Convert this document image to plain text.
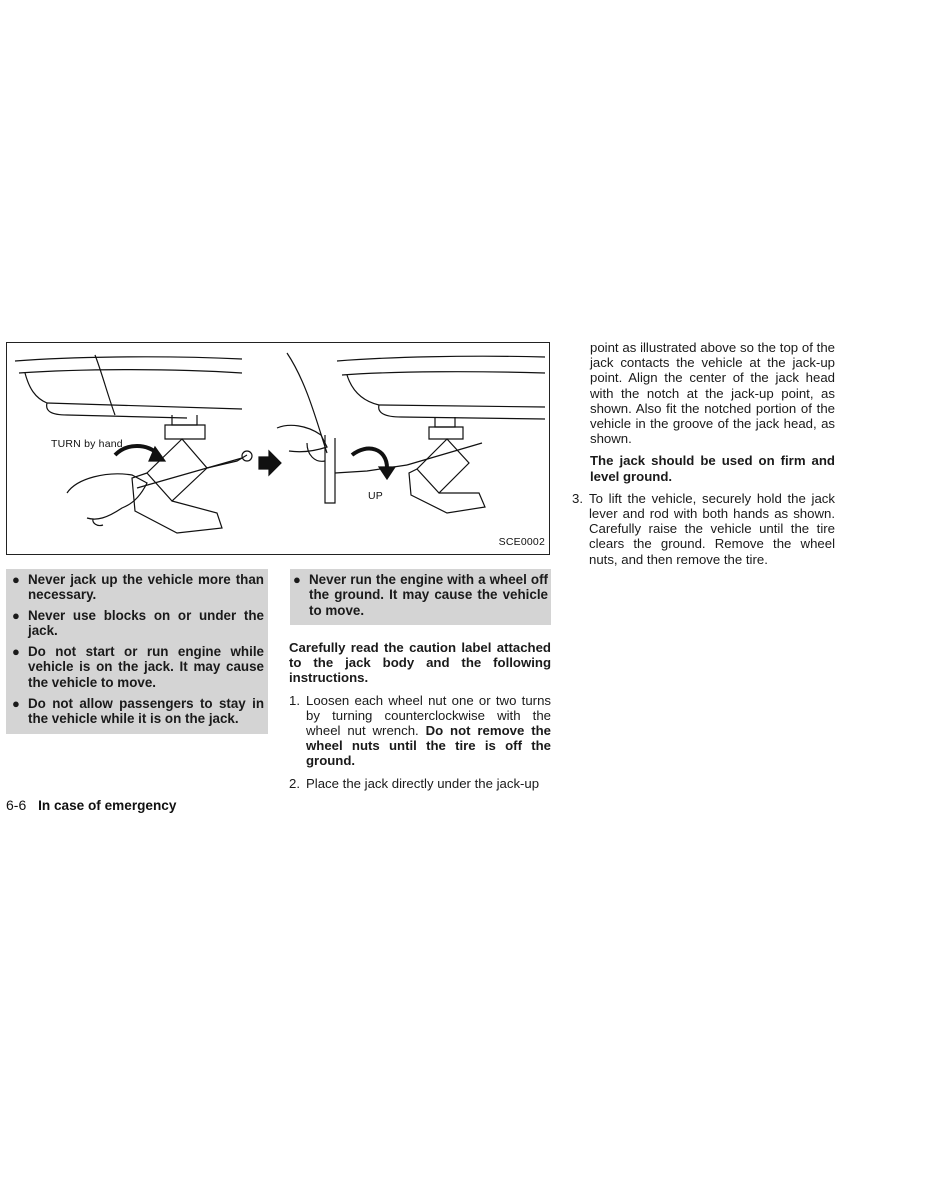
TURN by hand
UP
SCE0002
● Never jack up the vehicle more than necessary.
● Never use blocks on or under the jack.
● Do not start or run engine while vehicle is on the jack. It may cause the vehicle to move.
● Do not allow passengers to stay in the vehicle while it is on the jack.
● Never run the engine with a wheel off the ground. It may cause the vehicle to move.

Carefully read the caution label attached to the jack body and the following instructions.

1. Loosen each wheel nut one or two turns by turning counterclockwise with the wheel nut wrench. Do not remove the wheel nuts until the tire is off the ground.
2. Place the jack directly under the jack-up

point as illustrated above so the top of the jack contacts the vehicle at the jack-up point. Align the center of the jack head with the notch at the jack-up point, as shown. Also fit the notched portion of the vehicle in the groove of the jack head, as shown.

The jack should be used on firm and level ground.

3. To lift the vehicle, securely hold the jack lever and rod with both hands as shown. Carefully raise the vehicle until the tire clears the ground. Remove the wheel nuts, and then remove the tire.
6-6 In case of emergency
